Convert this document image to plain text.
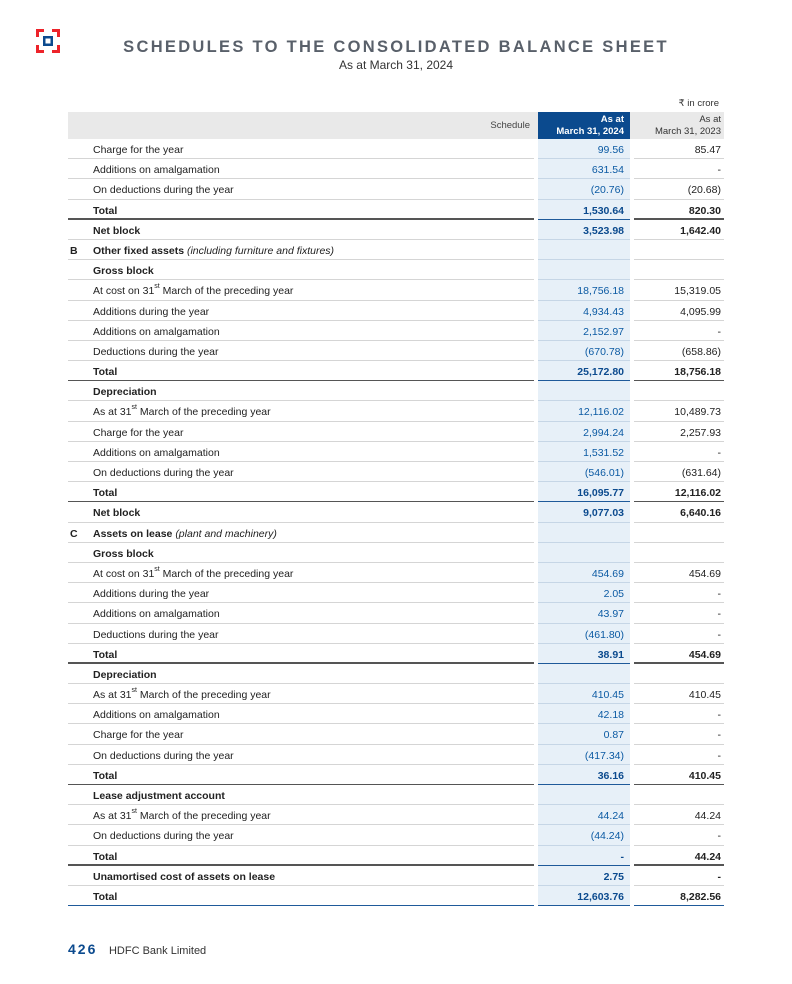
SCHEDULES TO THE CONSOLIDATED BALANCE SHEET
As at March 31, 2024
₹ in crore
Schedule
As at
March 31, 2024
As at
March 31, 2023
Charge for the year	99.56	85.47
Additions on amalgamation	631.54	-
On deductions during the year	(20.76)	(20.68)
Total	1,530.64	820.30
Net block	3,523.98	1,642.40
B Other fixed assets (including furniture and fixtures)
Gross block
At cost on 31st March of the preceding year	18,756.18	15,319.05
Additions during the year	4,934.43	4,095.99
Additions on amalgamation	2,152.97	-
Deductions during the year	(670.78)	(658.86)
Total	25,172.80	18,756.18
Depreciation
As at 31st March of the preceding year	12,116.02	10,489.73
Charge for the year	2,994.24	2,257.93
Additions on amalgamation	1,531.52	-
On deductions during the year	(546.01)	(631.64)
Total	16,095.77	12,116.02
Net block	9,077.03	6,640.16
C Assets on lease (plant and machinery)
Gross block
At cost on 31st March of the preceding year	454.69	454.69
Additions during the year	2.05	-
Additions on amalgamation	43.97	-
Deductions during the year	(461.80)	-
Total	38.91	454.69
Depreciation
As at 31st March of the preceding year	410.45	410.45
Additions on amalgamation	42.18	-
Charge for the year	0.87	-
On deductions during the year	(417.34)	-
Total	36.16	410.45
Lease adjustment account
As at 31st March of the preceding year	44.24	44.24
On deductions during the year	(44.24)	-
Total	-	44.24
Unamortised cost of assets on lease	2.75	-
Total	12,603.76	8,282.56
426 HDFC Bank Limited
